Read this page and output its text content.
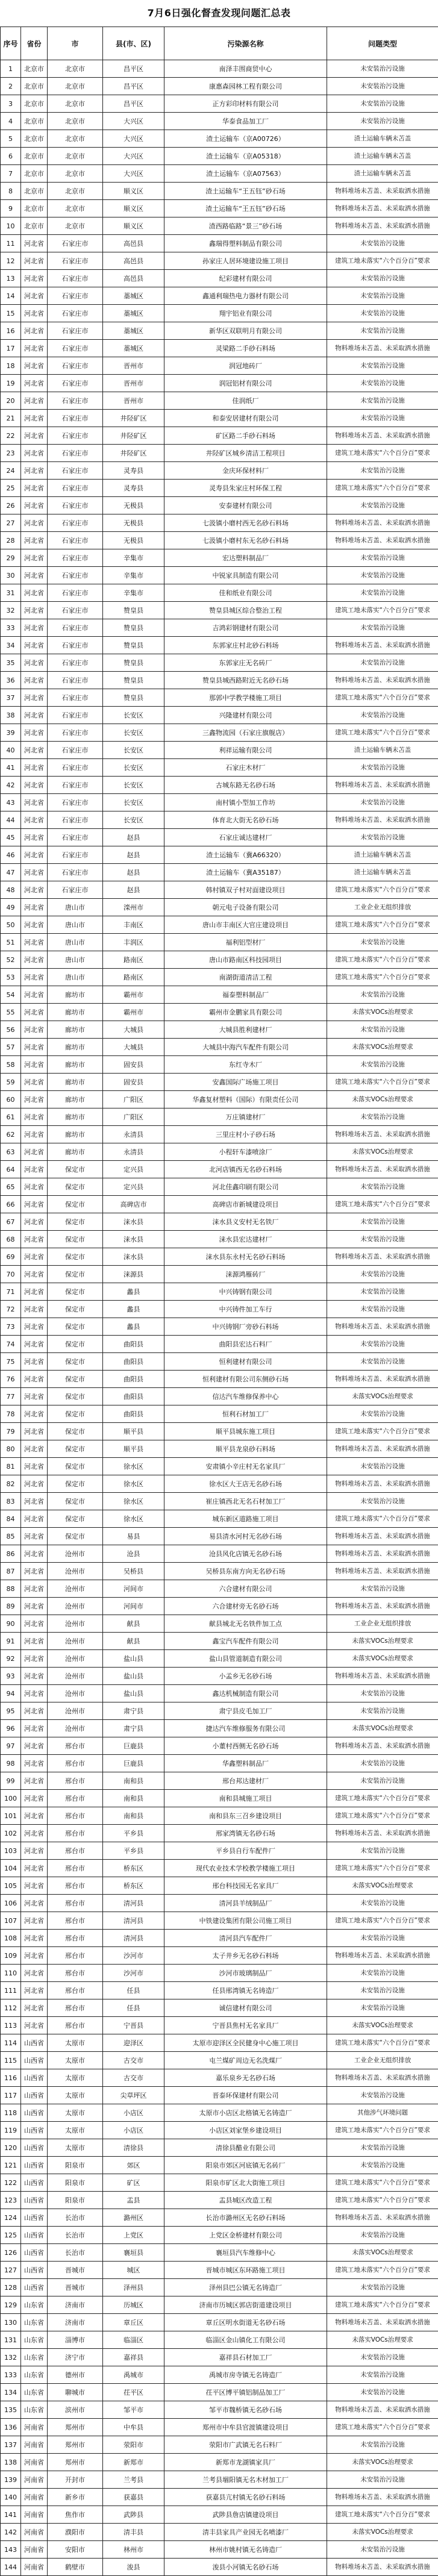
7月6日强化督查发现问题汇总表
序号	省份	市	县(市、区)	污染源名称	问题类型
1	北京市	北京市	昌平区	南泽丰围商贸中心	未安装治污设施
2	北京市	北京市	昌平区	康惠森园林工程有限公司	未安装治污设施
3	北京市	北京市	昌平区	正方彩印材料有限公司	未安装治污设施
4	北京市	北京市	大兴区	华泰食品加工厂	未安装治污设施
5	北京市	北京市	大兴区	渣土运输车（京A00726）	渣土运输车辆未苫盖
6	北京市	北京市	大兴区	渣土运输车（京A05318）	渣土运输车辆未苫盖
7	北京市	北京市	大兴区	渣土运输车（京A07563）	渣土运输车辆未苫盖
8	北京市	北京市	顺义区	渣土运输车“王五钰”砂石场	物料堆场未苫盖、未采取洒水措施
9	北京市	北京市	顺义区	渣土运输车“王五钰”砂石场	物料堆场未苫盖、未采取洒水措施
10	北京市	北京市	顺义区	渣西路临路“景三”砂石场	物料堆场未苫盖、未采取洒水措施
11	河北省	石家庄市	高邑县	鑫瑞得塑料制品有限公司	未安装治污设施
12	河北省	石家庄市	高邑县	孙家庄人居环境建设施工项目	建筑工地未落实“六个百分百”要求
13	河北省	石家庄市	高邑县	纪彩建材有限公司	未安装治污设施
14	河北省	石家庄市	藁城区	鑫通利瑞热电力器材有限公司	未安装治污设施
15	河北省	石家庄市	藁城区	翔宇铝业有限公司	未安装治污设施
16	河北省	石家庄市	藁城区	新华区双联明月有限公司	未安装治污设施
17	河北省	石家庄市	藁城区	灵梁路二手砂石料场	物料堆场未苫盖、未采取洒水措施
18	河北省	石家庄市	晋州市	润冠地砖厂	未安装治污设施
19	河北省	石家庄市	晋州市	润冠铝材有限公司	未安装治污设施
20	河北省	石家庄市	晋州市	佳润纸厂	未安装治污设施
21	河北省	石家庄市	井陉矿区	和泰安居建材有限公司	未安装治污设施
22	河北省	石家庄市	井陉矿区	矿区路二手砂石料场	物料堆场未苫盖、未采取洒水措施
23	河北省	石家庄市	井陉矿区	井陉矿区城乡清洁工程项目	建筑工地未落实“六个百分百”要求
24	河北省	石家庄市	灵寿县	金庆环保材料厂	未安装治污设施
25	河北省	石家庄市	灵寿县	灵寿县朱家庄村环保工程	建筑工地未落实“六个百分百”要求
26	河北省	石家庄市	无极县	安泰建材有限公司	未安装治污设施
27	河北省	石家庄市	无极县	七汲镇小磨村西无名砂石料场	物料堆场未苫盖、未采取洒水措施
28	河北省	石家庄市	无极县	七汲镇小磨村东无名砂石料场	物料堆场未苫盖、未采取洒水措施
29	河北省	石家庄市	辛集市	宏达塑料制品厂	未安装治污设施
30	河北省	石家庄市	辛集市	中锐家具制造有限公司	未安装治污设施
31	河北省	石家庄市	辛集市	佳和纸业有限公司	未安装治污设施
32	河北省	石家庄市	赞皇县	赞皇县城区综合整治工程	建筑工地未落实“六个百分百”要求
33	河北省	石家庄市	赞皇县	吉鸿彩钢建材有限公司	未安装治污设施
34	河北省	石家庄市	赞皇县	东郭家庄村北砂石料场	物料堆场未苫盖、未采取洒水措施
35	河北省	石家庄市	赞皇县	东郭家庄无名砖厂	未安装治污设施
36	河北省	石家庄市	赞皇县	赞皇县城西路附近无名砂石场	物料堆场未苫盖、未采取洒水措施
37	河北省	石家庄市	赞皇县	那郭中学教学楼施工项目	建筑工地未落实“六个百分百”要求
38	河北省	石家庄市	长安区	兴隆建材有限公司	未安装治污设施
39	河北省	石家庄市	长安区	三鑫物流园（石家庄旗舰店）	建筑工地未落实“六个百分百”要求
40	河北省	石家庄市	长安区	利祥运输有限公司	渣土运输车辆未苫盖
41	河北省	石家庄市	长安区	石家庄木材厂	未安装治污设施
42	河北省	石家庄市	长安区	古城东路无名砂石场	物料堆场未苫盖、未采取洒水措施
43	河北省	石家庄市	长安区	南村镇小型加工作坊	未安装治污设施
44	河北省	石家庄市	长安区	体育北大街无名砂石场	物料堆场未苫盖、未采取洒水措施
45	河北省	石家庄市	赵县	石家庄诚达建材厂	未安装治污设施
46	河北省	石家庄市	赵县	渣土运输车（冀A66320）	渣土运输车辆未苫盖
47	河北省	石家庄市	赵县	渣土运输车（冀A35187）	渣土运输车辆未苫盖
48	河北省	石家庄市	赵县	韩村镇双子村对面建设项目	建筑工地未落实“六个百分百”要求
49	河北省	唐山市	滦州市	朝元电子设备有限公司	工业企业无组织排放
50	河北省	唐山市	丰南区	唐山市丰南区大官庄建设项目	建筑工地未落实“六个百分百”要求
51	河北省	唐山市	丰润区	福利铝型材厂	未安装治污设施
52	河北省	唐山市	路南区	唐山市路南区科技园项目	建筑工地未落实“六个百分百”要求
53	河北省	唐山市	路南区	南湖街道清洁工程	建筑工地未落实“六个百分百”要求
54	河北省	廊坊市	霸州市	福泰塑料制品厂	未安装治污设施
55	河北省	廊坊市	霸州市	霸州市金鹏家具有限公司	未落实VOCs治理要求
56	河北省	廊坊市	大城县	大城县胜利建材厂	未安装治污设施
57	河北省	廊坊市	大城县	大城县中海汽车配件有限公司	未落实VOCs治理要求
58	河北省	廊坊市	固安县	东红寺木厂	未安装治污设施
59	河北省	廊坊市	固安县	安鑫国际广场施工项目	建筑工地未落实“六个百分百”要求
60	河北省	廊坊市	广阳区	华鑫复材塑料（国际）有限责任公司	未落实VOCs治理要求
61	河北省	廊坊市	广阳区	万庄镇建材厂	未安装治污设施
62	河北省	廊坊市	永清县	三里庄村小子砂石场	物料堆场未苫盖、未采取洒水措施
63	河北省	廊坊市	永清县	小程轩车漆喷涂厂	未落实VOCs治理要求
64	河北省	保定市	定兴县	北河店镇西无名砂石料场	物料堆场未苫盖、未采取洒水措施
65	河北省	保定市	定兴县	河北佳鑫印刷有限公司	未安装治污设施
66	河北省	保定市	高碑店市	高碑店市新城建设项目	建筑工地未落实“六个百分百”要求
67	河北省	保定市	涞水县	涞水县义安村无名铁厂	未安装治污设施
68	河北省	保定市	涞水县	涞水县宏达建材厂	未安装治污设施
69	河北省	保定市	涞水县	涞水县东永村无名砂石料场	物料堆场未苫盖、未采取洒水措施
70	河北省	保定市	涞源县	涞源鸿雁砖厂	未安装治污设施
71	河北省	保定市	蠡县	中兴铸钢有限公司	未安装治污设施
72	河北省	保定市	蠡县	中兴铸件加工车行	未安装治污设施
73	河北省	保定市	蠡县	中兴铸钢厂旁砂石料场	物料堆场未苫盖、未采取洒水措施
74	河北省	保定市	曲阳县	曲阳县宏达石料厂	未安装治污设施
75	河北省	保定市	曲阳县	恒利建材有限公司	未安装治污设施
76	河北省	保定市	曲阳县	恒利建材有限公司东侧砂石场	物料堆场未苫盖、未采取洒水措施
77	河北省	保定市	曲阳县	信达汽车维修保养中心	未落实VOCs治理要求
78	河北省	保定市	曲阳县	恒利石材加工厂	未安装治污设施
79	河北省	保定市	顺平县	顺平县城东施工项目	建筑工地未落实“六个百分百”要求
80	河北省	保定市	顺平县	顺平县龙泉砂石料场	物料堆场未苫盖、未采取洒水措施
81	河北省	保定市	徐水区	安肃镇小辛庄村无名家具厂	未安装治污设施
82	河北省	保定市	徐水区	徐水区大王店无名砂石场	物料堆场未苫盖、未采取洒水措施
83	河北省	保定市	徐水区	崔庄镇西北无名石材加工厂	未安装治污设施
84	河北省	保定市	徐水区	城东新区道路施工项目	建筑工地未落实“六个百分百”要求
85	河北省	保定市	易县	易县清水河村无名砂石场	物料堆场未苫盖、未采取洒水措施
86	河北省	沧州市	沧县	沧县风化店镇无名砂石场	物料堆场未苫盖、未采取洒水措施
87	河北省	沧州市	吴桥县	吴桥县东南方向无名砂石场	物料堆场未苫盖、未采取洒水措施
88	河北省	沧州市	河间市	六合建材有限公司	未安装治污设施
89	河北省	沧州市	河间市	六合建材旁无名砂石场	物料堆场未苫盖、未采取洒水措施
90	河北省	沧州市	献县	献县城北无名铁件加工点	工业企业无组织排放
91	河北省	沧州市	献县	鑫宝汽车配件有限公司	未落实VOCs治理要求
92	河北省	沧州市	盐山县	盐山县管道制造有限公司	未落实VOCs治理要求
93	河北省	沧州市	盐山县	小孟乡无名砂石场	物料堆场未苫盖、未采取洒水措施
94	河北省	沧州市	盐山县	鑫达机械制造有限公司	未安装治污设施
95	河北省	沧州市	肃宁县	肃宁县皮毛加工厂	未安装治污设施
96	河北省	沧州市	肃宁县	捷达汽车维修服务有限公司	未落实VOCs治理要求
97	河北省	邢台市	巨鹿县	小董村西侧无名砂石场	物料堆场未苫盖、未采取洒水措施
98	河北省	邢台市	巨鹿县	华鑫塑料制品厂	未安装治污设施
99	河北省	邢台市	南和县	邢台邦达建材厂	未安装治污设施
100	河北省	邢台市	南和县	南和县城施工项目	建筑工地未落实“六个百分百”要求
101	河北省	邢台市	南和县	南和县东三召乡建设项目	建筑工地未落实“六个百分百”要求
102	河北省	邢台市	平乡县	邢家湾镇无名砂石场	物料堆场未苫盖、未采取洒水措施
103	河北省	邢台市	平乡县	平乡县自行车配件厂	未安装治污设施
104	河北省	邢台市	桥东区	现代农业技术学校教学楼施工项目	建筑工地未落实“六个百分百”要求
105	河北省	邢台市	桥东区	邢台科技园无名家具厂	未落实VOCs治理要求
106	河北省	邢台市	清河县	清河县羊绒制品厂	未安装治污设施
107	河北省	邢台市	清河县	中铁建设集团有限公司施工项目	建筑工地未落实“六个百分百”要求
108	河北省	邢台市	清河县	清河县汽车配件厂	未安装治污设施
109	河北省	邢台市	沙河市	太子井乡无名砂石料场	物料堆场未苫盖、未采取洒水措施
110	河北省	邢台市	沙河市	沙河市玻璃制品厂	未安装治污设施
111	河北省	邢台市	任县	任县邢湾镇无名铸造厂	未安装治污设施
112	河北省	邢台市	任县	诚信建材有限公司	未安装治污设施
113	河北省	邢台市	宁晋县	宁晋县焦村无名家具厂	未落实VOCs治理要求
114	山西省	太原市	迎泽区	太原市迎泽区全民健身中心施工项目	建筑工地未落实“六个百分百”要求
115	山西省	太原市	古交市	屯兰煤矿周边无名洗煤厂	工业企业无组织排放
116	山西省	太原市	古交市	嘉乐泉乡无名砂石场	物料堆场未苫盖、未采取洒水措施
117	山西省	太原市	尖草坪区	晋泰环保建材有限公司	未安装治污设施
118	山西省	太原市	小店区	太原市小店区北格镇无名铸造厂	其他涉气环境问题
119	山西省	太原市	小店区	小店区刘家堡乡建设项目	建筑工地未落实“六个百分百”要求
120	山西省	太原市	清徐县	清徐县醋业有限公司	未安装治污设施
121	山西省	阳泉市	郊区	阳泉市郊区河底镇无名砖厂	未安装治污设施
122	山西省	阳泉市	矿区	阳泉市矿区北大街施工项目	建筑工地未落实“六个百分百”要求
123	山西省	阳泉市	盂县	盂县城区改造工程	建筑工地未落实“六个百分百”要求
124	山西省	长治市	潞州区	长治市潞州区无名砂石料场	物料堆场未苫盖、未采取洒水措施
125	山西省	长治市	上党区	上党区金桥建材有限公司	未安装治污设施
126	山西省	长治市	襄垣县	襄垣县汽车维修中心	未落实VOCs治理要求
127	山西省	晋城市	城区	晋城市城区东环路施工项目	建筑工地未落实“六个百分百”要求
128	山西省	晋城市	泽州县	泽州县巴公镇无名铸造厂	未安装治污设施
129	山东省	济南市	历城区	济南市历城区郭店街道建设项目	建筑工地未落实“六个百分百”要求
130	山东省	济南市	章丘区	章丘区明水街道无名砂石场	物料堆场未苫盖、未采取洒水措施
131	山东省	淄博市	临淄区	临淄区金山镇化工有限公司	未落实VOCs治理要求
132	山东省	济宁市	嘉祥县	嘉祥县石材加工厂	未安装治污设施
133	山东省	德州市	禹城市	禹城市房寺镇无名铸造厂	未安装治污设施
134	山东省	聊城市	茌平区	茌平区博平镇铝制品加工厂	未安装治污设施
135	山东省	滨州市	邹平市	邹平市魏桥镇无名砂石场	物料堆场未苫盖、未采取洒水措施
136	河南省	郑州市	中牟县	郑州市中牟县官渡镇建设项目	建筑工地未落实“六个百分百”要求
137	河南省	郑州市	荥阳市	荥阳市广武镇无名石料厂	未安装治污设施
138	河南省	郑州市	新郑市	新郑市龙湖镇家具厂	未落实VOCs治理要求
139	河南省	开封市	兰考县	兰考县堌阳镇无名木材加工厂	未安装治污设施
140	河南省	新乡市	获嘉县	获嘉县亢村镇无名砂石料场	物料堆场未苫盖、未采取洒水措施
141	河南省	焦作市	武陟县	武陟县詹店镇建设项目	建筑工地未落实“六个百分百”要求
142	河南省	濮阳市	清丰县	清丰县家具产业园无名喷漆厂	未落实VOCs治理要求
143	河南省	安阳市	林州市	林州市姚村镇无名铸造厂	未安装治污设施
144	河南省	鹤壁市	浚县	浚县小河镇无名砂石场	物料堆场未苫盖、未采取洒水措施
